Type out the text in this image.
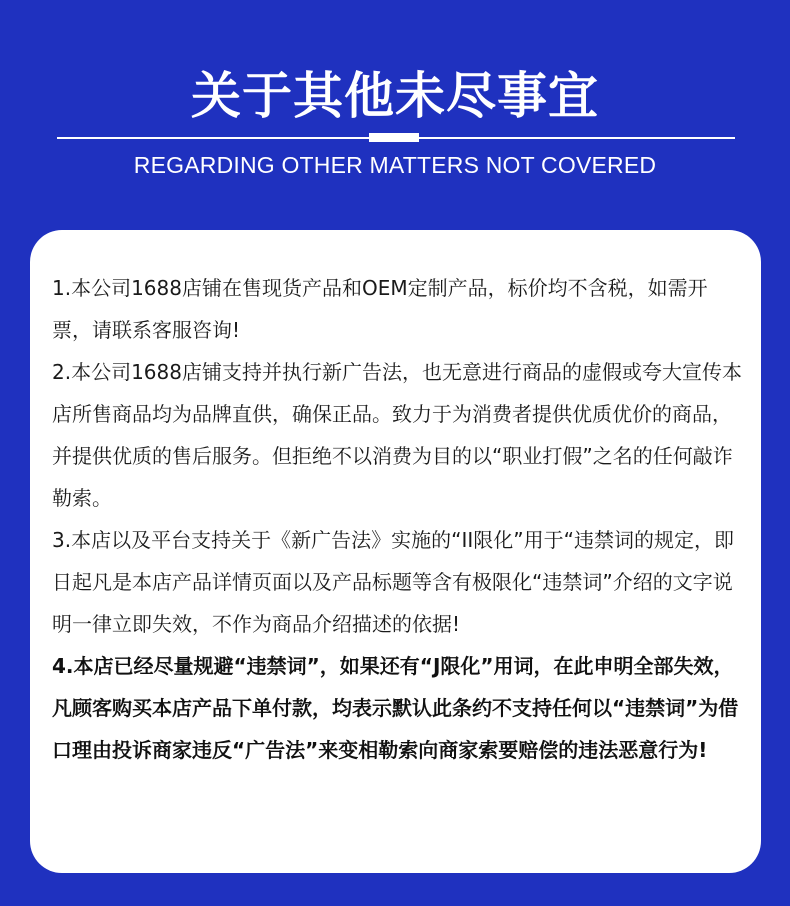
关于其他未尽事宜
REGARDING OTHER MATTERS NOT COVERED

1.本公司1688店铺在售现货产品和OEM定制产品，标价均不含税，如需开票，请联系客服咨询!

2.本公司1688店铺支持并执行新广告法，也无意进行商品的虚假或夸大宣传本店所售商品均为品牌直供，确保正品。致力于为消费者提供优质优价的商品，并提供优质的售后服务。但拒绝不以消费为目的以“职业打假”之名的任何敲诈勒索。

3.本店以及平台支持关于《新广告法》实施的“II限化”用于“违禁词的规定，即日起凡是本店产品详情页面以及产品标题等含有极限化“违禁词”介绍的文字说明一律立即失效，不作为商品介绍描述的依据!

4.本店已经尽量规避“违禁词”，如果还有“J限化”用词，在此申明全部失效，凡顾客购买本店产品下单付款，均表示默认此条约不支持任何以“违禁词”为借口理由投诉商家违反“广告法”来变相勒索向商家索要赔偿的违法恶意行为!
